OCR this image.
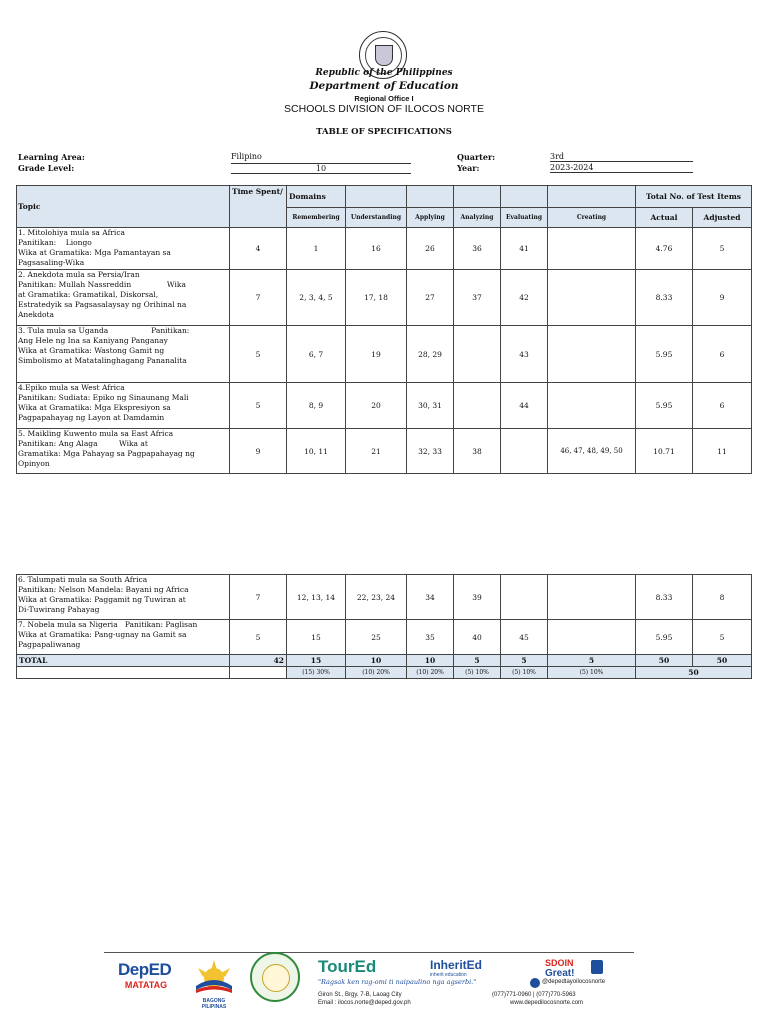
Republic of the Philippines
Department of Education
Regional Office I
SCHOOLS DIVISION OF ILOCOS NORTE
TABLE OF SPECIFICATIONS
Learning Area:	Filipino
Grade Level:	10
Quarter:	3rd
Year:	2023-2024
Topic	Time Spent/	Domains						Total No. of Test Items	
		Remembering	Understanding	Applying	Analyzing	Evaluating	Creating	Actual	Adjusted

1. Mitolohiya mula sa Africa
Panitikan:    Liongo
Wika at Gramatika: Mga Pamantayan sa
Pagsasaling-Wika	4	1	16	26	36	41		4.76	5

2. Anekdota mula sa Persia/Iran
Panitikan: Mullah Nassreddin               Wika
at Gramatika: Gramatikal, Diskorsal,
Estratedyik sa Pagsasalaysay ng Orihinal na
Anekdota	7	2, 3, 4, 5	17, 18	27	37	42		8.33	9

3. Tula mula sa Uganda                  Panitikan:
Ang Hele ng Ina sa Kaniyang Panganay
Wika at Gramatika: Wastong Gamit ng
Simbolismo at Matatalinghagang Pananalita	5	6, 7	19	28, 29		43		5.95	6

4.Epiko mula sa West Africa
Panitikan: Sudiata: Epiko ng Sinaunang Mali
Wika at Gramatika: Mga Ekspresiyon sa
Pagpapahayag ng Layon at Damdamin	5	8, 9	20	30, 31		44		5.95	6

5. Maikling Kuwento mula sa East Africa
Panitikan: Ang Alaga         Wika at
Gramatika: Mga Pahayag sa Pagpapahayag ng
Opinyon	9	10, 11	21	32, 33	38		46, 47, 48, 49, 50	10.71	11
6. Talumpati mula sa South Africa
Panitikan: Nelson Mandela: Bayani ng Africa
Wika at Gramatika: Paggamit ng Tuwiran at
Di-Tuwirang Pahayag	7	12, 13, 14	22, 23, 24	34	39			8.33	8

7. Nobela mula sa Nigeria   Panitikan: Paglisan
Wika at Gramatika: Pang-ugnay na Gamit sa
Pagpapaliwanag	5	15	25	35	40	45		5.95	5
TOTAL	42	15	10	10	5	5	5	50	50
		(15) 30%	(10) 20%	(10) 20%	(5) 10%	(5) 10%	(5) 10%	50	
DepED
MATATAG
BAGONG PILIPINAS
TourEd	InheritEd
inherit education
SDOIN
Great!
"Ragsak ken rag-omi ti naipaulino nga agserbi."	@depedtayoilocosnorte
Giron St., Brgy. 7-B, Laoag City
Email : ilocos.norte@deped.gov.ph
(077)771-0960 | (077)770-5963
www.depedilocosnorte.com
